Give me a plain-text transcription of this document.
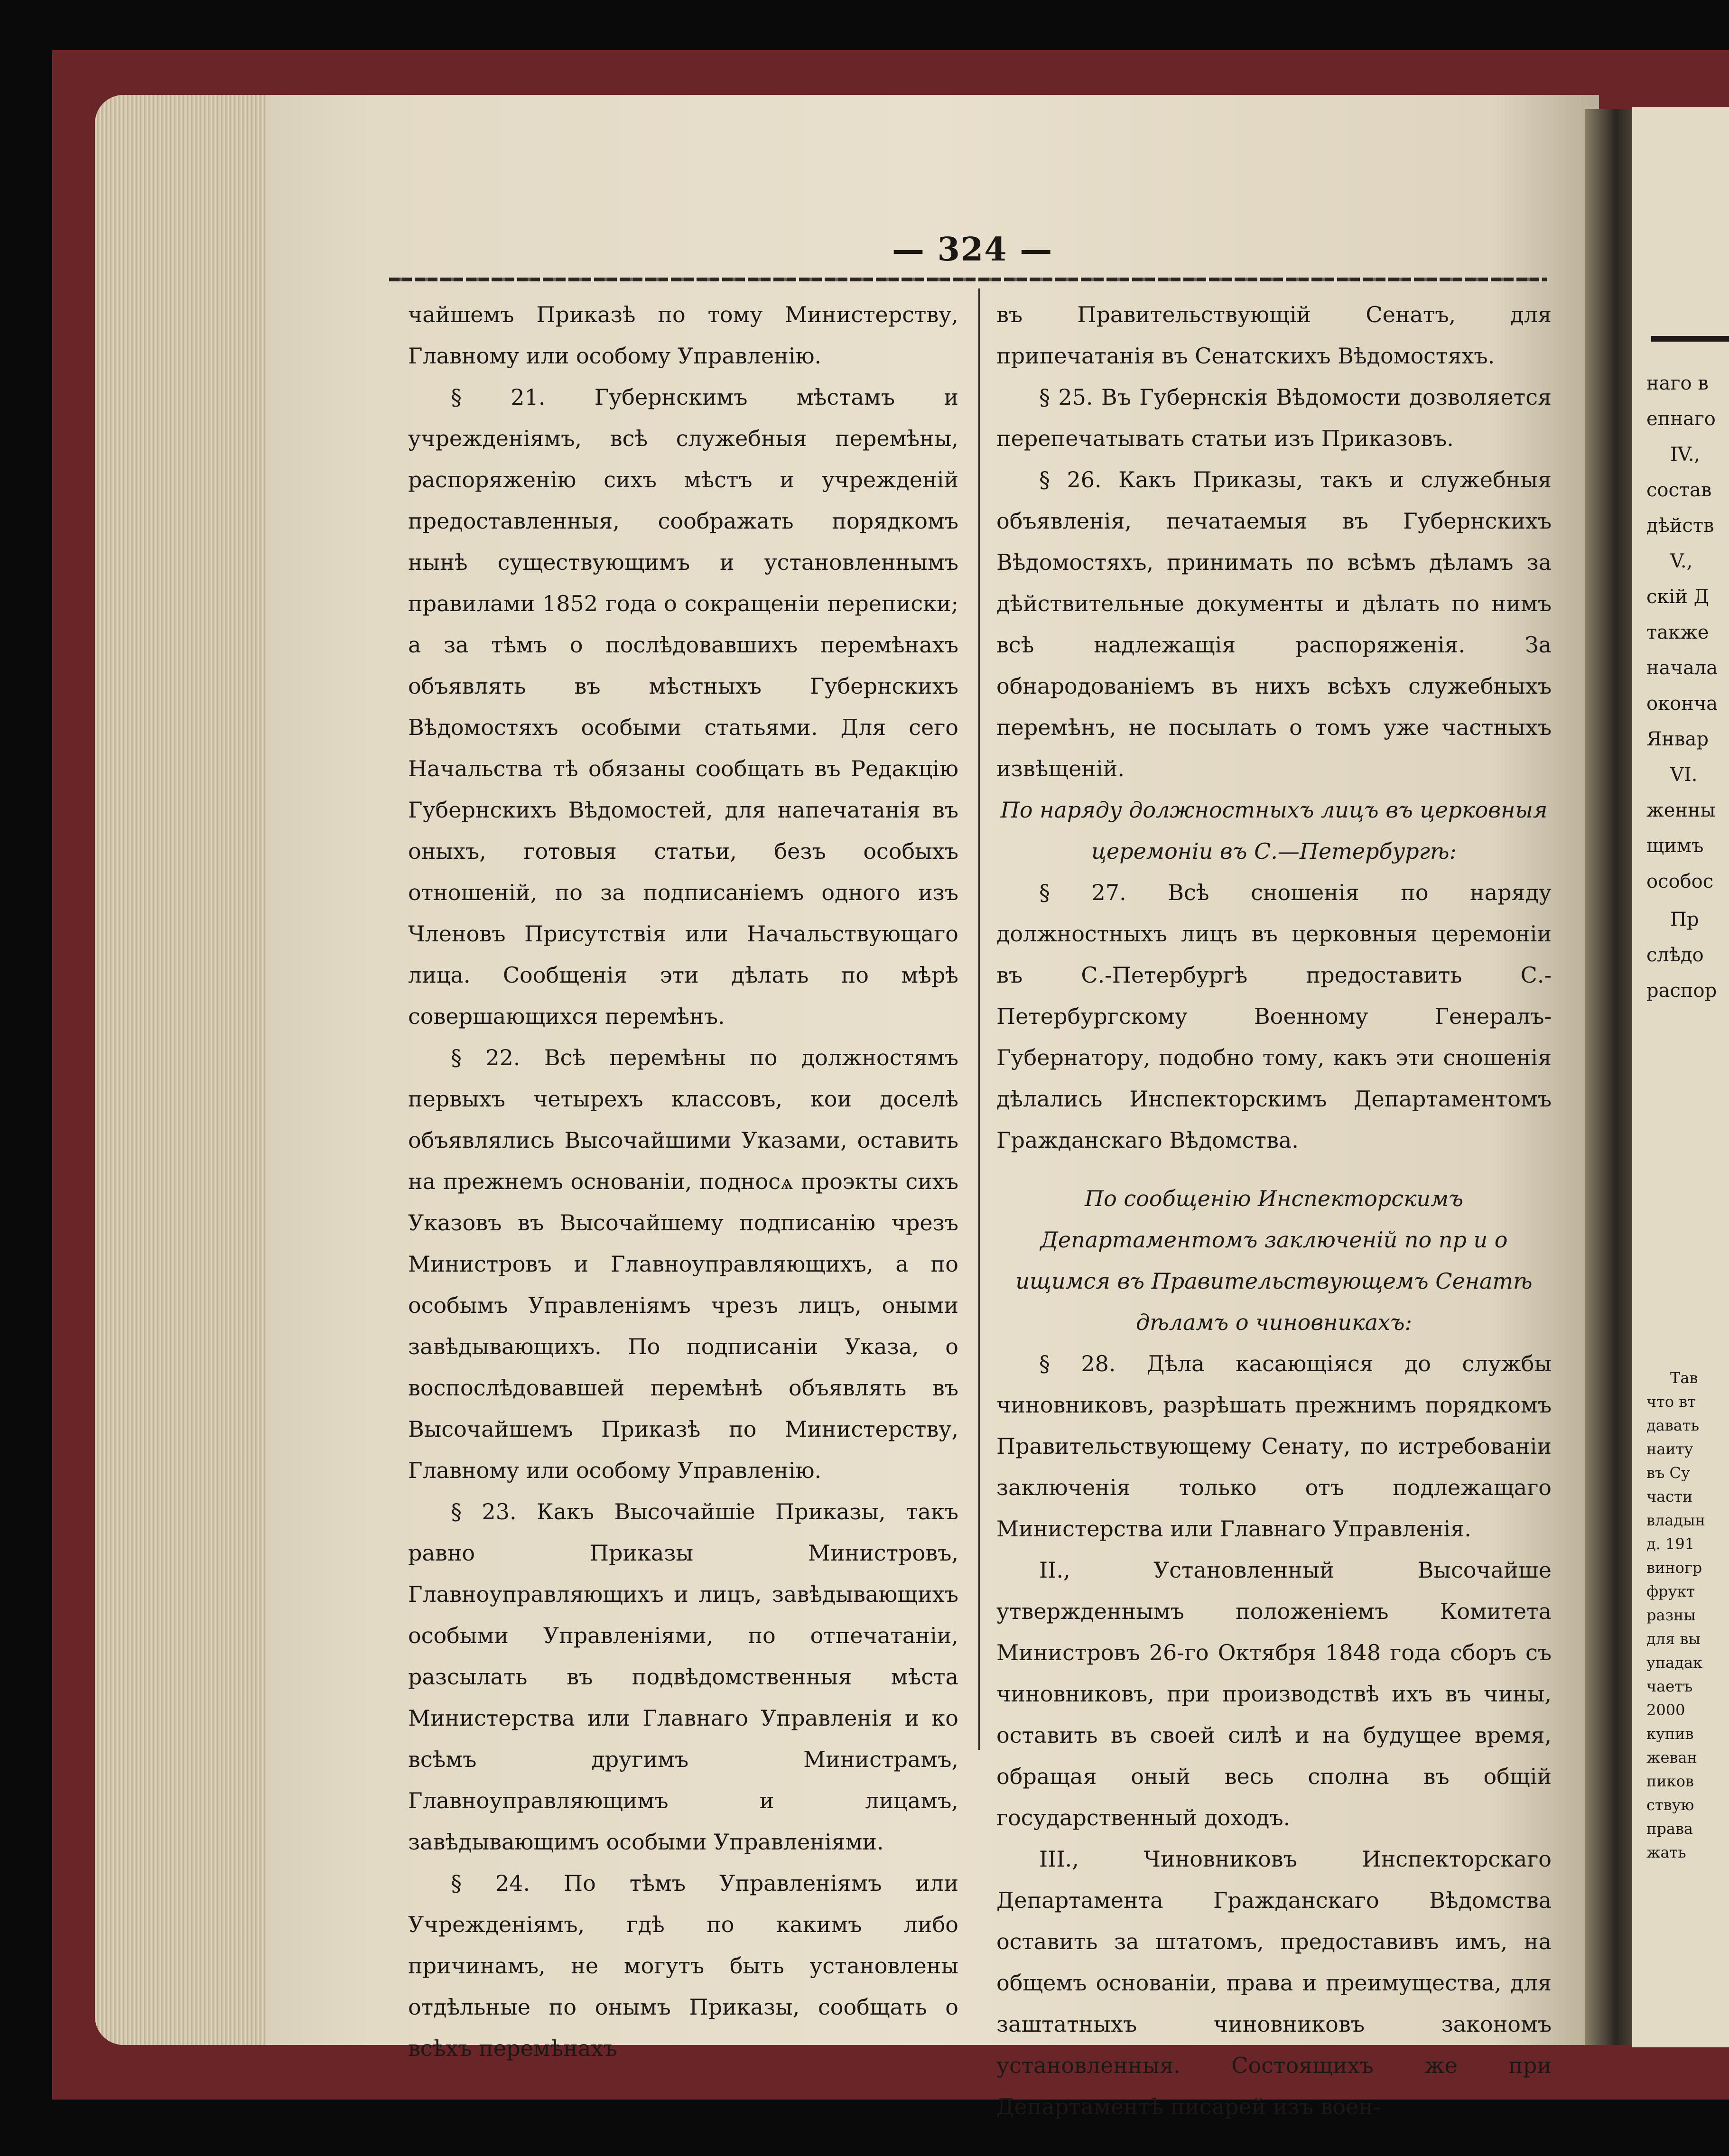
— 324 —

чайшемъ Приказѣ по тому Министерству, Главному или особому Управленію.

§ 21. Губернскимъ мѣстамъ и учрежденіямъ, всѣ служебныя перемѣны, распоряженію сихъ мѣстъ и учрежденій предоставленныя, соображать порядкомъ нынѣ существующимъ и установленнымъ правилами 1852 года о сокращеніи переписки; а за тѣмъ о послѣдовавшихъ перемѣнахъ объявлять въ мѣстныхъ Губернскихъ Вѣдомостяхъ особыми статьями. Для сего Начальства тѣ обязаны сообщать въ Редакцію Губернскихъ Вѣдомостей, для напечатанія въ оныхъ, готовыя статьи, безъ особыхъ отношеній, по за подписаніемъ одного изъ Членовъ Присутствія или Начальствующаго лица. Сообщенія эти дѣлать по мѣрѣ совершающихся перемѣнъ.

§ 22. Всѣ перемѣны по должностямъ первыхъ четырехъ классовъ, кои доселѣ объявлялись Высочайшими Указами, оставить на прежнемъ основаніи, подносѧ проэкты сихъ Указовъ въ Высочайшему подписанію чрезъ Министровъ и Главноуправляющихъ, а по особымъ Управленіямъ чрезъ лицъ, оными завѣдывающихъ. По подписаніи Указа, о воспослѣдовавшей перемѣнѣ объявлять въ Высочайшемъ Приказѣ по Министерству, Главному или особому Управленію.

§ 23. Какъ Высочайшіе Приказы, такъ равно Приказы Министровъ, Главноуправляющихъ и лицъ, завѣдывающихъ особыми Управленіями, по отпечатаніи, разсылать въ подвѣдомственныя мѣста Министерства или Главнаго Управленія и ко всѣмъ другимъ Министрамъ, Главноуправляющимъ и лицамъ, завѣдывающимъ особыми Управленіями.

§ 24. По тѣмъ Управленіямъ или Учрежденіямъ, гдѣ по какимъ либо причинамъ, не могутъ быть установлены отдѣльные по онымъ Приказы, сообщать о всѣхъ перемѣнахъ

въ Правительствующій Сенатъ, для припечатанія въ Сенатскихъ Вѣдомостяхъ.

§ 25. Въ Губернскія Вѣдомости дозволяется перепечатывать статьи изъ Приказовъ.

§ 26. Какъ Приказы, такъ и служебныя объявленія, печатаемыя въ Губернскихъ Вѣдомостяхъ, принимать по всѣмъ дѣламъ за дѣйствительные документы и дѣлать по нимъ всѣ надлежащія распоряженія. За обнародованіемъ въ нихъ всѣхъ служебныхъ перемѣнъ, не посылать о томъ уже частныхъ извѣщеній.

По наряду должностныхъ лицъ въ церковныя церемоніи въ С.—Петербургѣ:

§ 27. Всѣ сношенія по наряду должностныхъ лицъ въ церковныя церемоніи въ С.-Петербургѣ предоставить С.-Петербургскому Военному Генералъ-Губернатору, подобно тому, какъ эти сношенія дѣлались Инспекторскимъ Департаментомъ Гражданскаго Вѣдомства.

По сообщенію Инспекторскимъ Департаментомъ заключеній по пр и о ищимся въ Правительствующемъ Сенатѣ дѣламъ о чиновникахъ:

§ 28. Дѣла касающіяся до службы чиновниковъ, разрѣшать прежнимъ порядкомъ Правительствующему Сенату, по истребованіи заключенія только отъ подлежащаго Министерства или Главнаго Управленія.

II., Установленный Высочайше утвержденнымъ положеніемъ Комитета Министровъ 26-го Октября 1848 года сборъ съ чиновниковъ, при производствѣ ихъ въ чины, оставить въ своей силѣ и на будущее время, обращая оный весь сполна въ общій государственный доходъ.

III., Чиновниковъ Инспекторскаго Департамента Гражданскаго Вѣдомства оставить за штатомъ, предоставивъ имъ, на общемъ основаніи, права и преимущества, для заштатныхъ чиновниковъ закономъ установленныя. Состоящихъ же при Департаментѣ писарей изъ воен-

наго в
епнаго
IV.,
состав
дѣйств
V.,
скій Д
также
начала
оконча
Январ
VI.
женны
щимъ
особос
Пр
слѣдо
распор
Тав
что вт
давать
наиту
въ Су
части
владын
д. 191
виногр
фрукт
разны
для вы
упадак
чаетъ
2000
купив
жеван
пиков
ствую
права
жать
